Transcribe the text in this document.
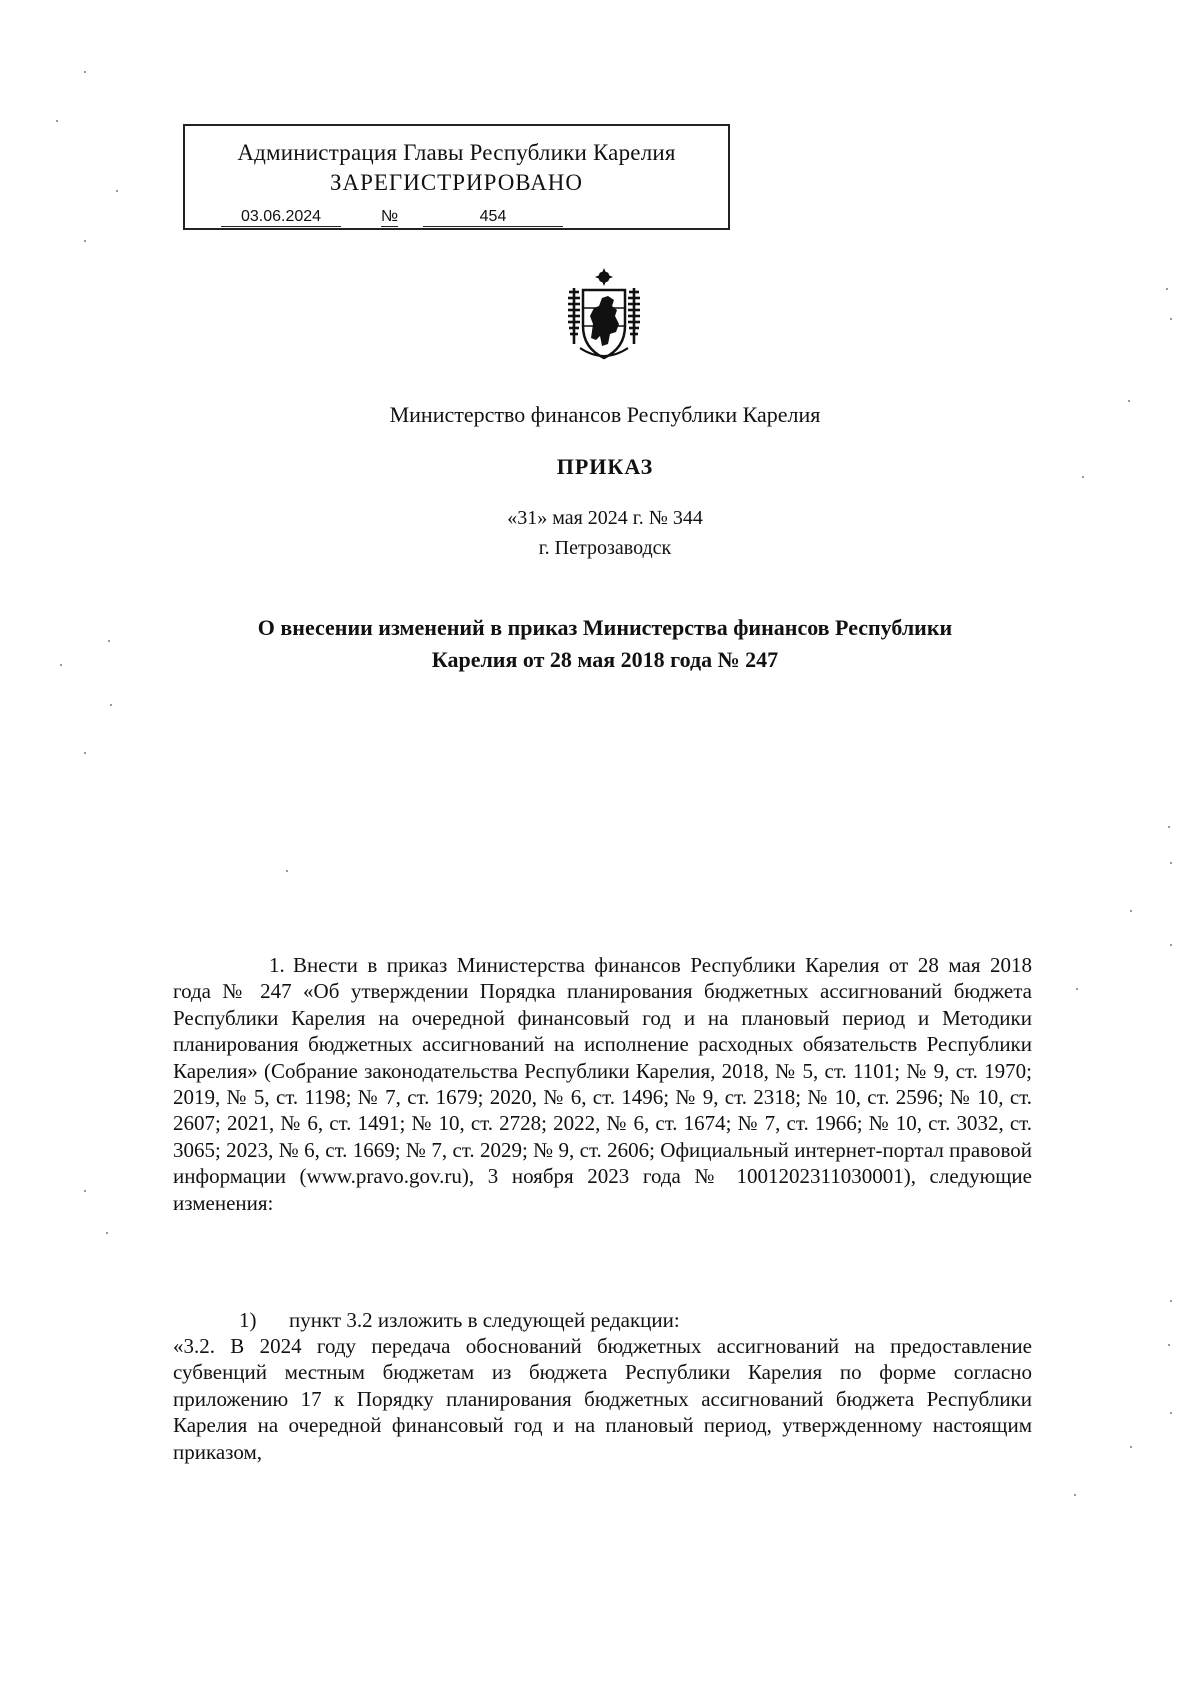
Администрация Главы Республики Карелия
ЗАРЕГИСТРИРОВАНО
03.06.2024	№	454
Министерство финансов Республики Карелия
ПРИКАЗ
«31» мая 2024 г. № 344
г. Петрозаводск
О внесении изменений в приказ Министерства финансов Республики
Карелия от 28 мая 2018 года № 247
1. Внести в приказ Министерства финансов Республики Карелия от 28 мая 2018 года № 247 «Об утверждении Порядка планирования бюджетных ассигнований бюджета Республики Карелия на очередной финансовый год и на плановый период и Методики планирования бюджетных ассигнований на исполнение расходных обязательств Республики Карелия» (Собрание законодательства Республики Карелия, 2018, № 5, ст. 1101; № 9, ст. 1970; 2019, № 5, ст. 1198; № 7, ст. 1679; 2020, № 6, ст. 1496; № 9, ст. 2318; № 10, ст. 2596; № 10, ст. 2607; 2021, № 6, ст. 1491; № 10, ст. 2728; 2022, № 6, ст. 1674; № 7, ст. 1966; № 10, ст. 3032, ст. 3065; 2023, № 6, ст. 1669; № 7, ст. 2029; № 9, ст. 2606; Официальный интернет-портал правовой информации (www.pravo.gov.ru), 3 ноября 2023 года № 1001202311030001), следующие изменения:
1) пункт 3.2 изложить в следующей редакции:
«3.2. В 2024 году передача обоснований бюджетных ассигнований на предоставление субвенций местным бюджетам из бюджета Республики Карелия по форме согласно приложению 17 к Порядку планирования бюджетных ассигнований бюджета Республики Карелия на очередной финансовый год и на плановый период, утвержденному настоящим приказом,
